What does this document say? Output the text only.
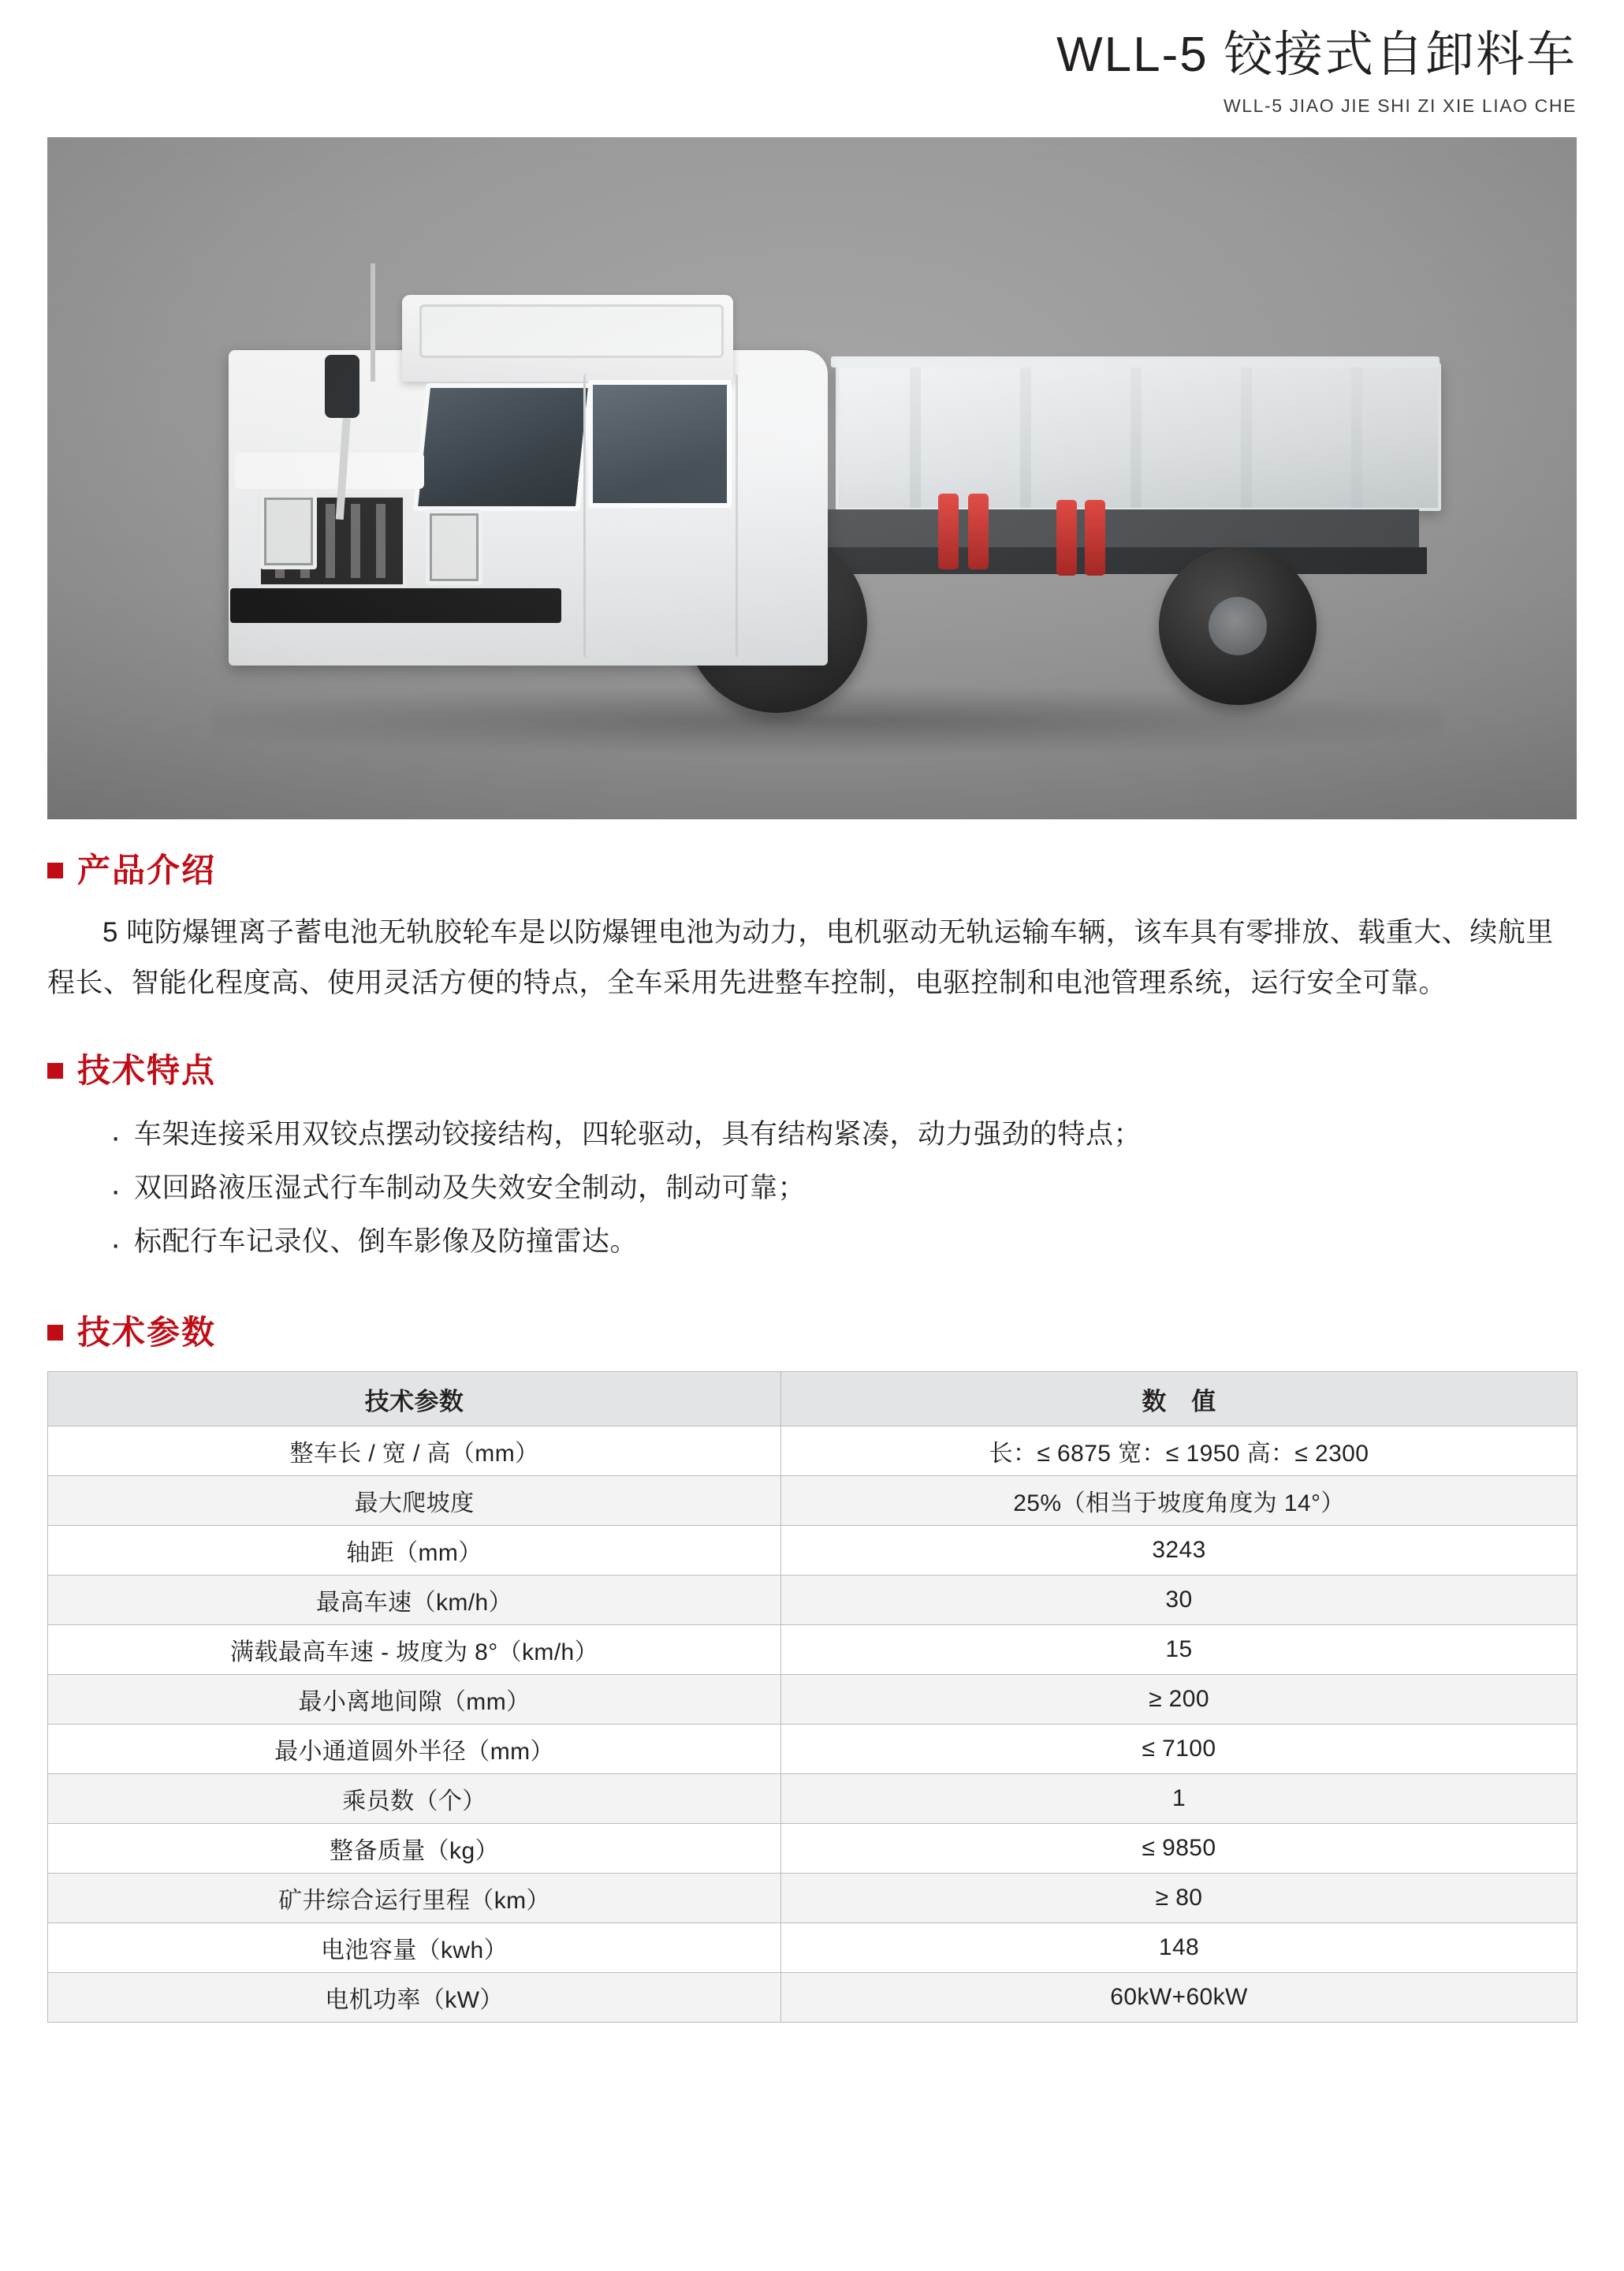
WLL-5 铰接式自卸料车
WLL-5 JIAO JIE SHI ZI XIE LIAO CHE
产品介绍

5 吨防爆锂离子蓄电池无轨胶轮车是以防爆锂电池为动力，电机驱动无轨运输车辆，该车具有零排放、载重大、续航里程长、智能化程度高、使用灵活方便的特点，全车采用先进整车控制，电驱控制和电池管理系统，运行安全可靠。

技术特点
· 车架连接采用双铰点摆动铰接结构，四轮驱动，具有结构紧凑，动力强劲的特点；
· 双回路液压湿式行车制动及失效安全制动，制动可靠；
· 标配行车记录仪、倒车影像及防撞雷达。
技术参数
技术参数	数　值
整车长 / 宽 / 高（mm）	长：≤ 6875 宽：≤ 1950 高：≤ 2300
最大爬坡度	25%（相当于坡度角度为 14°）
轴距（mm）	3243
最高车速（km/h）	30
满载最高车速 - 坡度为 8°（km/h）	15
最小离地间隙（mm）	≥ 200
最小通道圆外半径（mm）	≤ 7100
乘员数（个）	1
整备质量（kg）	≤ 9850
矿井综合运行里程（km）	≥ 80
电池容量（kwh）	148
电机功率（kW）	60kW+60kW
